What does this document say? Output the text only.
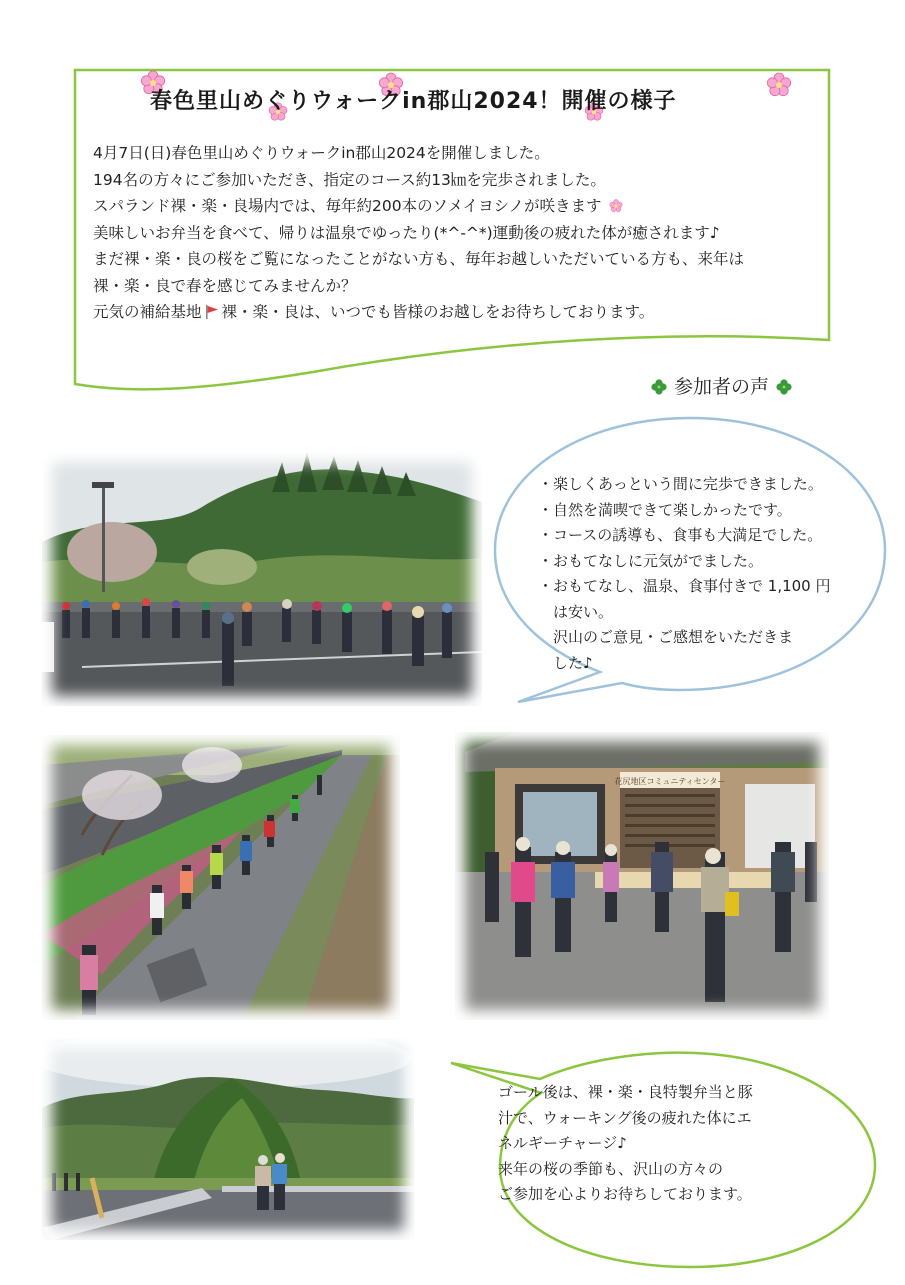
春色里山めぐりウォークin郡山2024！開催の様子
4月7日(日)春色里山めぐりウォークin郡山2024を開催しました。
194名の方々にご参加いただき、指定のコース約13㎞を完歩されました。
スパランド裸・楽・良場内では、毎年約200本のソメイヨシノが咲きます
美味しいお弁当を食べて、帰りは温泉でゆったり(*^-^*)運動後の疲れた体が癒されます♪
まだ裸・楽・良の桜をご覧になったことがない方も、毎年お越しいただいている方も、来年は
裸・楽・良で春を感じてみませんか？
元気の補給基地 裸・楽・良は、いつでも皆様のお越しをお待ちしております。
参加者の声
・楽しくあっという間に完歩できました。
・自然を満喫できて楽しかったです。
・コースの誘導も、食事も大満足でした。
・おもてなしに元気がでました。
・おもてなし、温泉、食事付きで 1,100 円
　は安い。
　沢山のご意見・ご感想をいただきま
　した♪
花尻地区コミュニティセンター
ゴール後は、裸・楽・良特製弁当と豚
汁で、ウォーキング後の疲れた体にエ
ネルギーチャージ♪
来年の桜の季節も、沢山の方々の
ご参加を心よりお待ちしております。
